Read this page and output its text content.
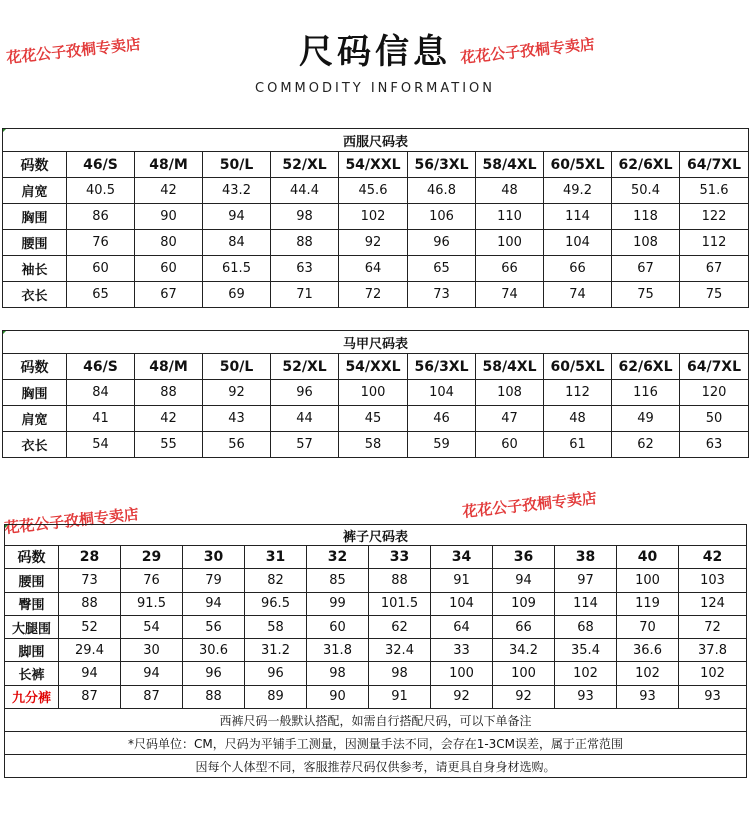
花花公子孜桐专卖店	花花公子孜桐专卖店
花花公子孜桐专卖店	花花公子孜桐专卖店
尺码信息
COMMODITY INFORMATION
西服尺码表										
码数	46/S	48/M	50/L	52/XL	54/XXL	56/3XL	58/4XL	60/5XL	62/6XL	64/7XL
肩宽	40.5	42	43.2	44.4	45.6	46.8	48	49.2	50.4	51.6
胸围	86	90	94	98	102	106	110	114	118	122
腰围	76	80	84	88	92	96	100	104	108	112
袖长	60	60	61.5	63	64	65	66	66	67	67
衣长	65	67	69	71	72	73	74	74	75	75
马甲尺码表										
码数	46/S	48/M	50/L	52/XL	54/XXL	56/3XL	58/4XL	60/5XL	62/6XL	64/7XL
胸围	84	88	92	96	100	104	108	112	116	120
肩宽	41	42	43	44	45	46	47	48	49	50
衣长	54	55	56	57	58	59	60	61	62	63
裤子尺码表											
码数	28	29	30	31	32	33	34	36	38	40	42
腰围	73	76	79	82	85	88	91	94	97	100	103
臀围	88	91.5	94	96.5	99	101.5	104	109	114	119	124
大腿围	52	54	56	58	60	62	64	66	68	70	72
脚围	29.4	30	30.6	31.2	31.8	32.4	33	34.2	35.4	36.6	37.8
长裤	94	94	96	96	98	98	100	100	102	102	102
九分裤	87	87	88	89	90	91	92	92	93	93	93
西裤尺码一般默认搭配，如需自行搭配尺码，可以下单备注											
*尺码单位：CM，尺码为平铺手工测量，因测量手法不同，会存在1-3CM误差，属于正常范围											
因每个人体型不同，客服推荐尺码仅供参考，请更具自身身材选购。											
